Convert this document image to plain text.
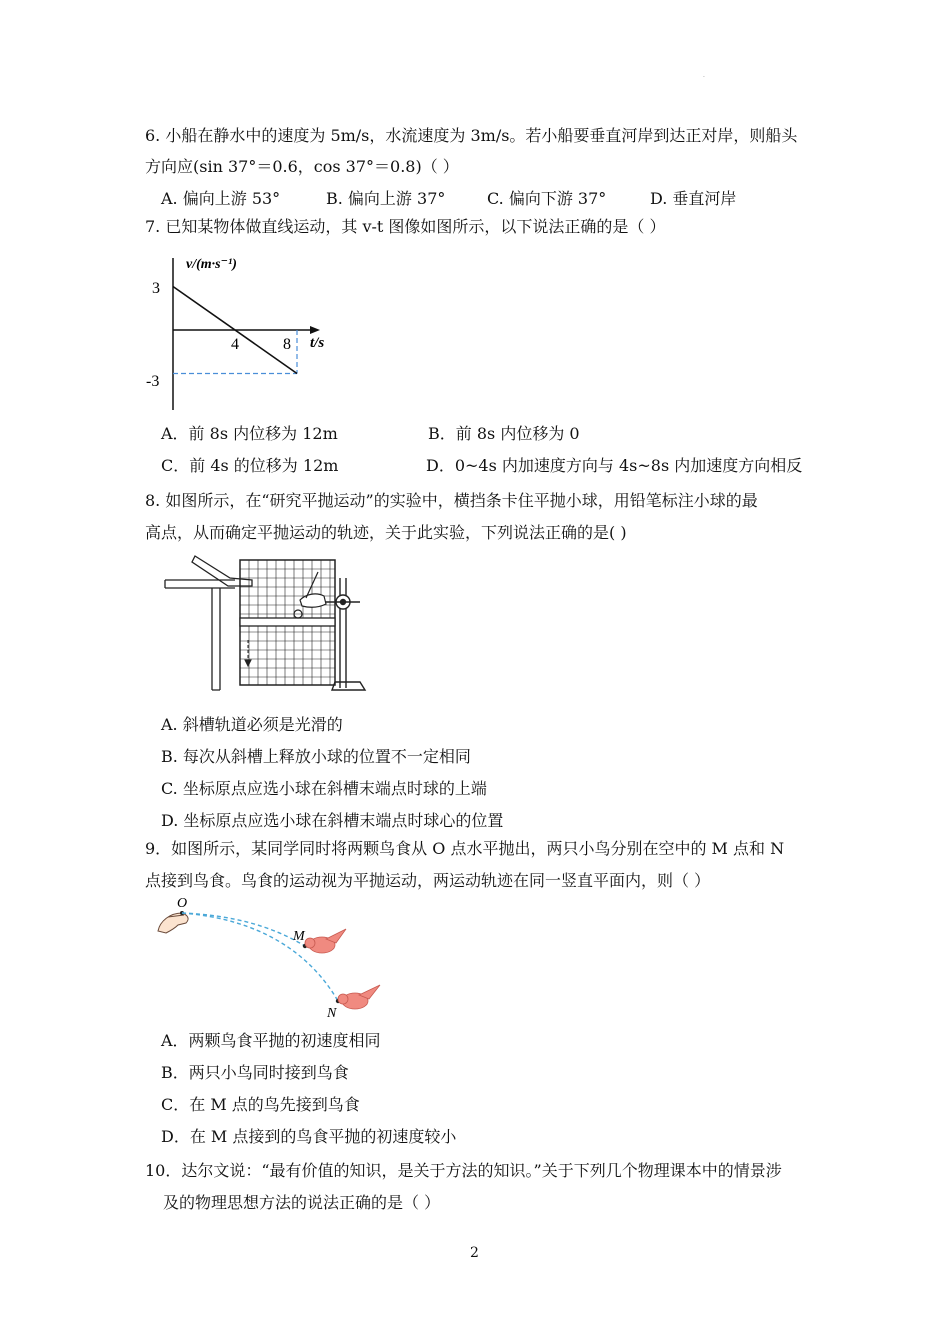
·
6. 小船在静水中的速度为 5m/s，水流速度为 3m/s。若小船要垂直河岸到达正对岸，则船头
方向应(sin 37°＝0.6，cos 37°＝0.8)（ ）
A. 偏向上游 53°	B. 偏向上游 37°	C. 偏向下游 37°	D. 垂直河岸
7. 已知某物体做直线运动，其 v-t 图像如图所示，以下说法正确的是（ ）
v/(m·s⁻¹)
3
-3
4	8 t/s
A．前 8s 内位移为 12m	B．前 8s 内位移为 0
C．前 4s 的位移为 12m	D．0~4s 内加速度方向与 4s~8s 内加速度方向相反
8. 如图所示，在“研究平抛运动”的实验中，横挡条卡住平抛小球，用铅笔标注小球的最
高点，从而确定平抛运动的轨迹，关于此实验，下列说法正确的是( )
A. 斜槽轨道必须是光滑的
B. 每次从斜槽上释放小球的位置不一定相同
C. 坐标原点应选小球在斜槽末端点时球的上端
D. 坐标原点应选小球在斜槽末端点时球心的位置
9．如图所示，某同学同时将两颗鸟食从 O 点水平抛出，两只小鸟分别在空中的 M 点和 N
点接到鸟食。鸟食的运动视为平抛运动，两运动轨迹在同一竖直平面内，则（ ）
O
M
N
A．两颗鸟食平抛的初速度相同
B．两只小鸟同时接到鸟食
C．在 M 点的鸟先接到鸟食
D．在 M 点接到的鸟食平抛的初速度较小
10．达尔文说：“最有价值的知识，是关于方法的知识。”关于下列几个物理课本中的情景涉
及的物理思想方法的说法正确的是（ ）
2
